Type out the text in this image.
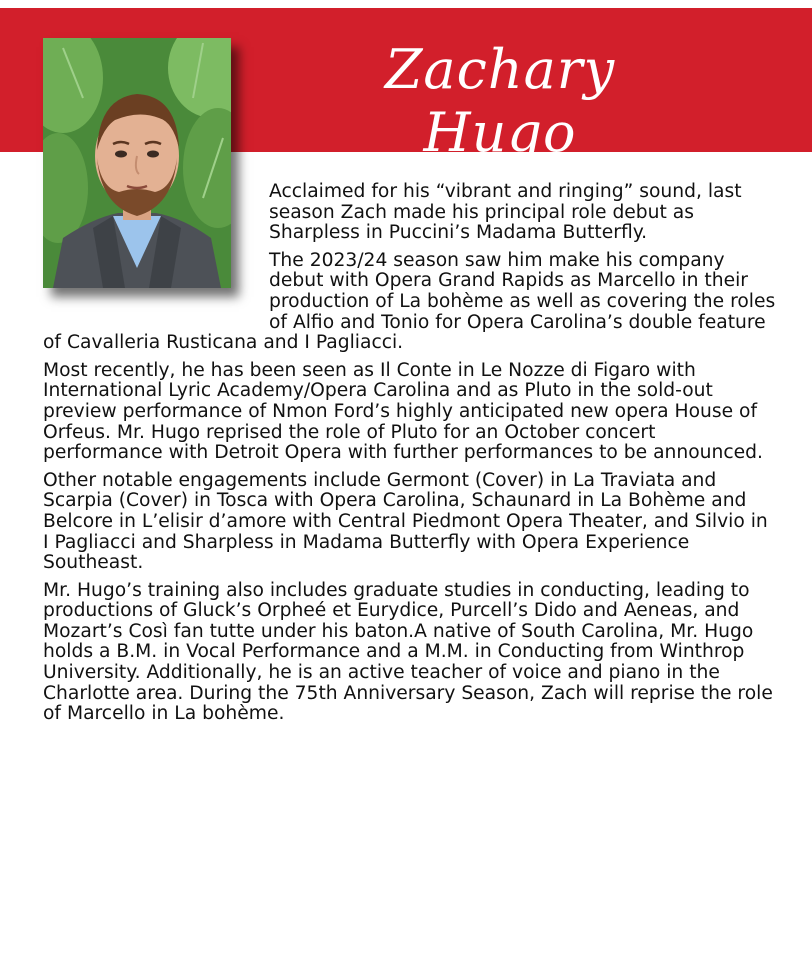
Zachary Hugo

Acclaimed for his “vibrant and ringing” sound, last season Zach made his principal role debut as Sharpless in Puccini’s Madama Butterfly.

The 2023/24 season saw him make his company debut with Opera Grand Rapids as Marcello in their production of La bohème as well as covering the roles of Alfio and Tonio for Opera Carolina’s double feature of Cavalleria Rusticana and I Pagliacci.

Most recently, he has been seen as Il Conte in Le Nozze di Figaro with International Lyric Academy/Opera Carolina and as Pluto in the sold-out preview performance of Nmon Ford’s highly anticipated new opera House of Orfeus. Mr. Hugo reprised the role of Pluto for an October concert performance with Detroit Opera with further performances to be announced.

Other notable engagements include Germont (Cover) in La Traviata and Scarpia (Cover) in Tosca with Opera Carolina, Schaunard in La Bohème and Belcore in L’elisir d’amore with Central Piedmont Opera Theater, and Silvio in I Pagliacci and Sharpless in Madama Butterfly with Opera Experience Southeast.

Mr. Hugo’s training also includes graduate studies in conducting, leading to productions of Gluck’s Orpheé et Eurydice, Purcell’s Dido and Aeneas, and Mozart’s Così fan tutte under his baton.A native of South Carolina, Mr. Hugo holds a B.M. in Vocal Performance and a M.M. in Conducting from Winthrop University. Additionally, he is an active teacher of voice and piano in the Charlotte area. During the 75th Anniversary Season, Zach will reprise the role of Marcello in La bohème.
